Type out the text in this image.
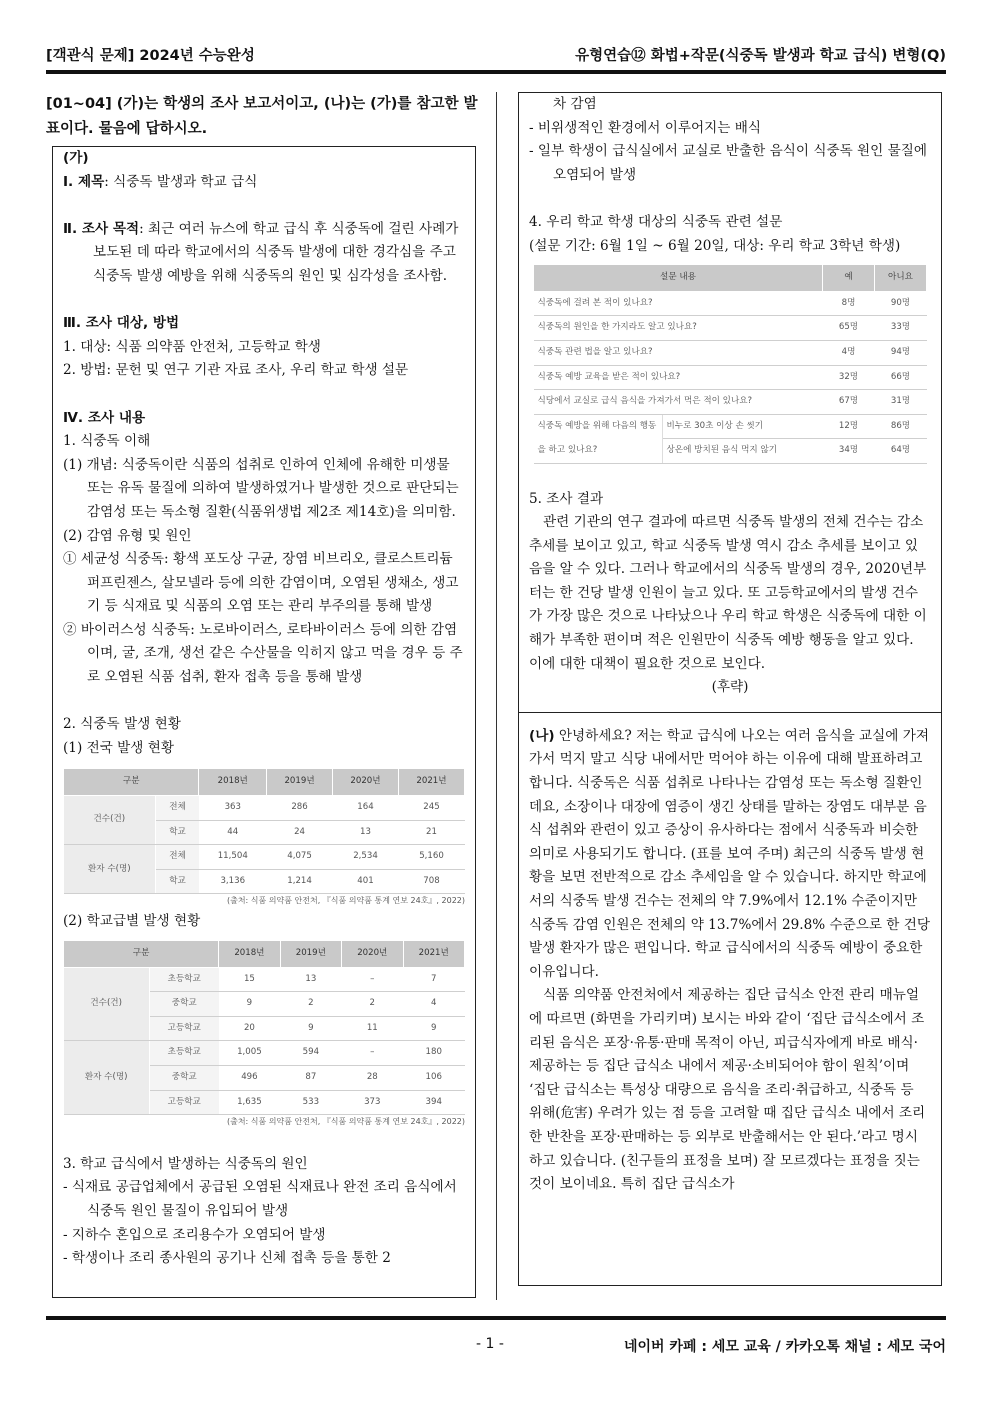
[객관식 문제] 2024년 수능완성	유형연습⑫ 화법+작문(식중독 발생과 학교 급식) 변형(Q)
[01~04] (가)는 학생의 조사 보고서이고, (나)는 (가)를 참고한 발표이다. 물음에 답하시오.

(가)

Ⅰ. 제목: 식중독 발생과 학교 급식

Ⅱ. 조사 목적: 최근 여러 뉴스에 학교 급식 후 식중독에 걸린 사례가 보도된 데 따라 학교에서의 식중독 발생에 대한 경각심을 주고 식중독 발생 예방을 위해 식중독의 원인 및 심각성을 조사함.

Ⅲ. 조사 대상, 방법

1. 대상: 식품 의약품 안전처, 고등학교 학생

2. 방법: 문헌 및 연구 기관 자료 조사, 우리 학교 학생 설문

Ⅳ. 조사 내용

1. 식중독 이해

(1) 개념: 식중독이란 식품의 섭취로 인하여 인체에 유해한 미생물 또는 유독 물질에 의하여 발생하였거나 발생한 것으로 판단되는 감염성 또는 독소형 질환(식품위생법 제2조 제14호)을 의미함.

(2) 감염 유형 및 원인

① 세균성 식중독: 황색 포도상 구균, 장염 비브리오, 클로스트리듐 퍼프린젠스, 살모넬라 등에 의한 감염이며, 오염된 생채소, 생고기 등 식재료 및 식품의 오염 또는 관리 부주의를 통해 발생

② 바이러스성 식중독: 노로바이러스, 로타바이러스 등에 의한 감염이며, 굴, 조개, 생선 같은 수산물을 익히지 않고 먹을 경우 등 주로 오염된 식품 섭취, 환자 접촉 등을 통해 발생

2. 식중독 발생 현황

(1) 전국 발생 현황

구분		2018년	2019년	2020년	2021년
건수(건)	전체	363	286	164	245
	학교	44	24	13	21
환자 수(명)	전체	11,504	4,075	2,534	5,160
	학교	3,136	1,214	401	708
(출처: 식품 의약품 안전처, 『식품 의약품 통계 연보 24호』, 2022)

(2) 학교급별 발생 현황

구분		2018년	2019년	2020년	2021년
건수(건)	초등학교	15	13	–	7
	중학교	9	2	2	4
	고등학교	20	9	11	9
환자 수(명)	초등학교	1,005	594	–	180
	중학교	496	87	28	106
	고등학교	1,635	533	373	394
(출처: 식품 의약품 안전처, 『식품 의약품 통계 연보 24호』, 2022)

3. 학교 급식에서 발생하는 식중독의 원인

- 식재료 공급업체에서 공급된 오염된 식재료나 완전 조리 음식에서 식중독 원인 물질이 유입되어 발생

- 지하수 혼입으로 조리용수가 오염되어 발생

- 학생이나 조리 종사원의 공기나 신체 접촉 등을 통한 2

차 감염

- 비위생적인 환경에서 이루어지는 배식

- 일부 학생이 급식실에서 교실로 반출한 음식이 식중독 원인 물질에 오염되어 발생

4. 우리 학교 학생 대상의 식중독 관련 설문

(설문 기간: 6월 1일 ~ 6월 20일, 대상: 우리 학교 3학년 학생)

설문 내용		예	아니요
식중독에 걸려 본 적이 있나요?		8명	90명
식중독의 원인을 한 가지라도 알고 있나요?		65명	33명
식중독 관련 법을 알고 있나요?		4명	94명
식중독 예방 교육을 받은 적이 있나요?		32명	66명
식당에서 교실로 급식 음식을 가져가서 먹은 적이 있나요?		67명	31명
식중독 예방을 위해 다음의 행동을 하고 있나요?	비누로 30초 이상 손 씻기	12명	86명
	상온에 방치된 음식 먹지 않기	34명	64명

5. 조사 결과

관련 기관의 연구 결과에 따르면 식중독 발생의 전체 건수는 감소 추세를 보이고 있고, 학교 식중독 발생 역시 감소 추세를 보이고 있음을 알 수 있다. 그러나 학교에서의 식중독 발생의 경우, 2020년부터는 한 건당 발생 인원이 늘고 있다. 또 고등학교에서의 발생 건수가 가장 많은 것으로 나타났으나 우리 학교 학생은 식중독에 대한 이해가 부족한 편이며 적은 인원만이 식중독 예방 행동을 알고 있다. 이에 대한 대책이 필요한 것으로 보인다.

(후략)

(나) 안녕하세요? 저는 학교 급식에 나오는 여러 음식을 교실에 가져가서 먹지 말고 식당 내에서만 먹어야 하는 이유에 대해 발표하려고 합니다. 식중독은 식품 섭취로 나타나는 감염성 또는 독소형 질환인데요, 소장이나 대장에 염증이 생긴 상태를 말하는 장염도 대부분 음식 섭취와 관련이 있고 증상이 유사하다는 점에서 식중독과 비슷한 의미로 사용되기도 합니다. (표를 보여 주며) 최근의 식중독 발생 현황을 보면 전반적으로 감소 추세임을 알 수 있습니다. 하지만 학교에서의 식중독 발생 건수는 전체의 약 7.9%에서 12.1% 수준이지만 식중독 감염 인원은 전체의 약 13.7%에서 29.8% 수준으로 한 건당 발생 환자가 많은 편입니다. 학교 급식에서의 식중독 예방이 중요한 이유입니다.

식품 의약품 안전처에서 제공하는 집단 급식소 안전 관리 매뉴얼에 따르면 (화면을 가리키며) 보시는 바와 같이 ‘집단 급식소에서 조리된 음식은 포장·유통·판매 목적이 아닌, 피급식자에게 바로 배식·제공하는 등 집단 급식소 내에서 제공·소비되어야 함이 원칙’이며 ‘집단 급식소는 특성상 대량으로 음식을 조리·취급하고, 식중독 등 위해(危害) 우려가 있는 점 등을 고려할 때 집단 급식소 내에서 조리한 반찬을 포장·판매하는 등 외부로 반출해서는 안 된다.’라고 명시하고 있습니다. (친구들의 표정을 보며) 잘 모르겠다는 표정을 짓는 것이 보이네요. 특히 집단 급식소가

- 1 -	네이버 카페 : 세모 교육 / 카카오톡 채널 : 세모 국어
